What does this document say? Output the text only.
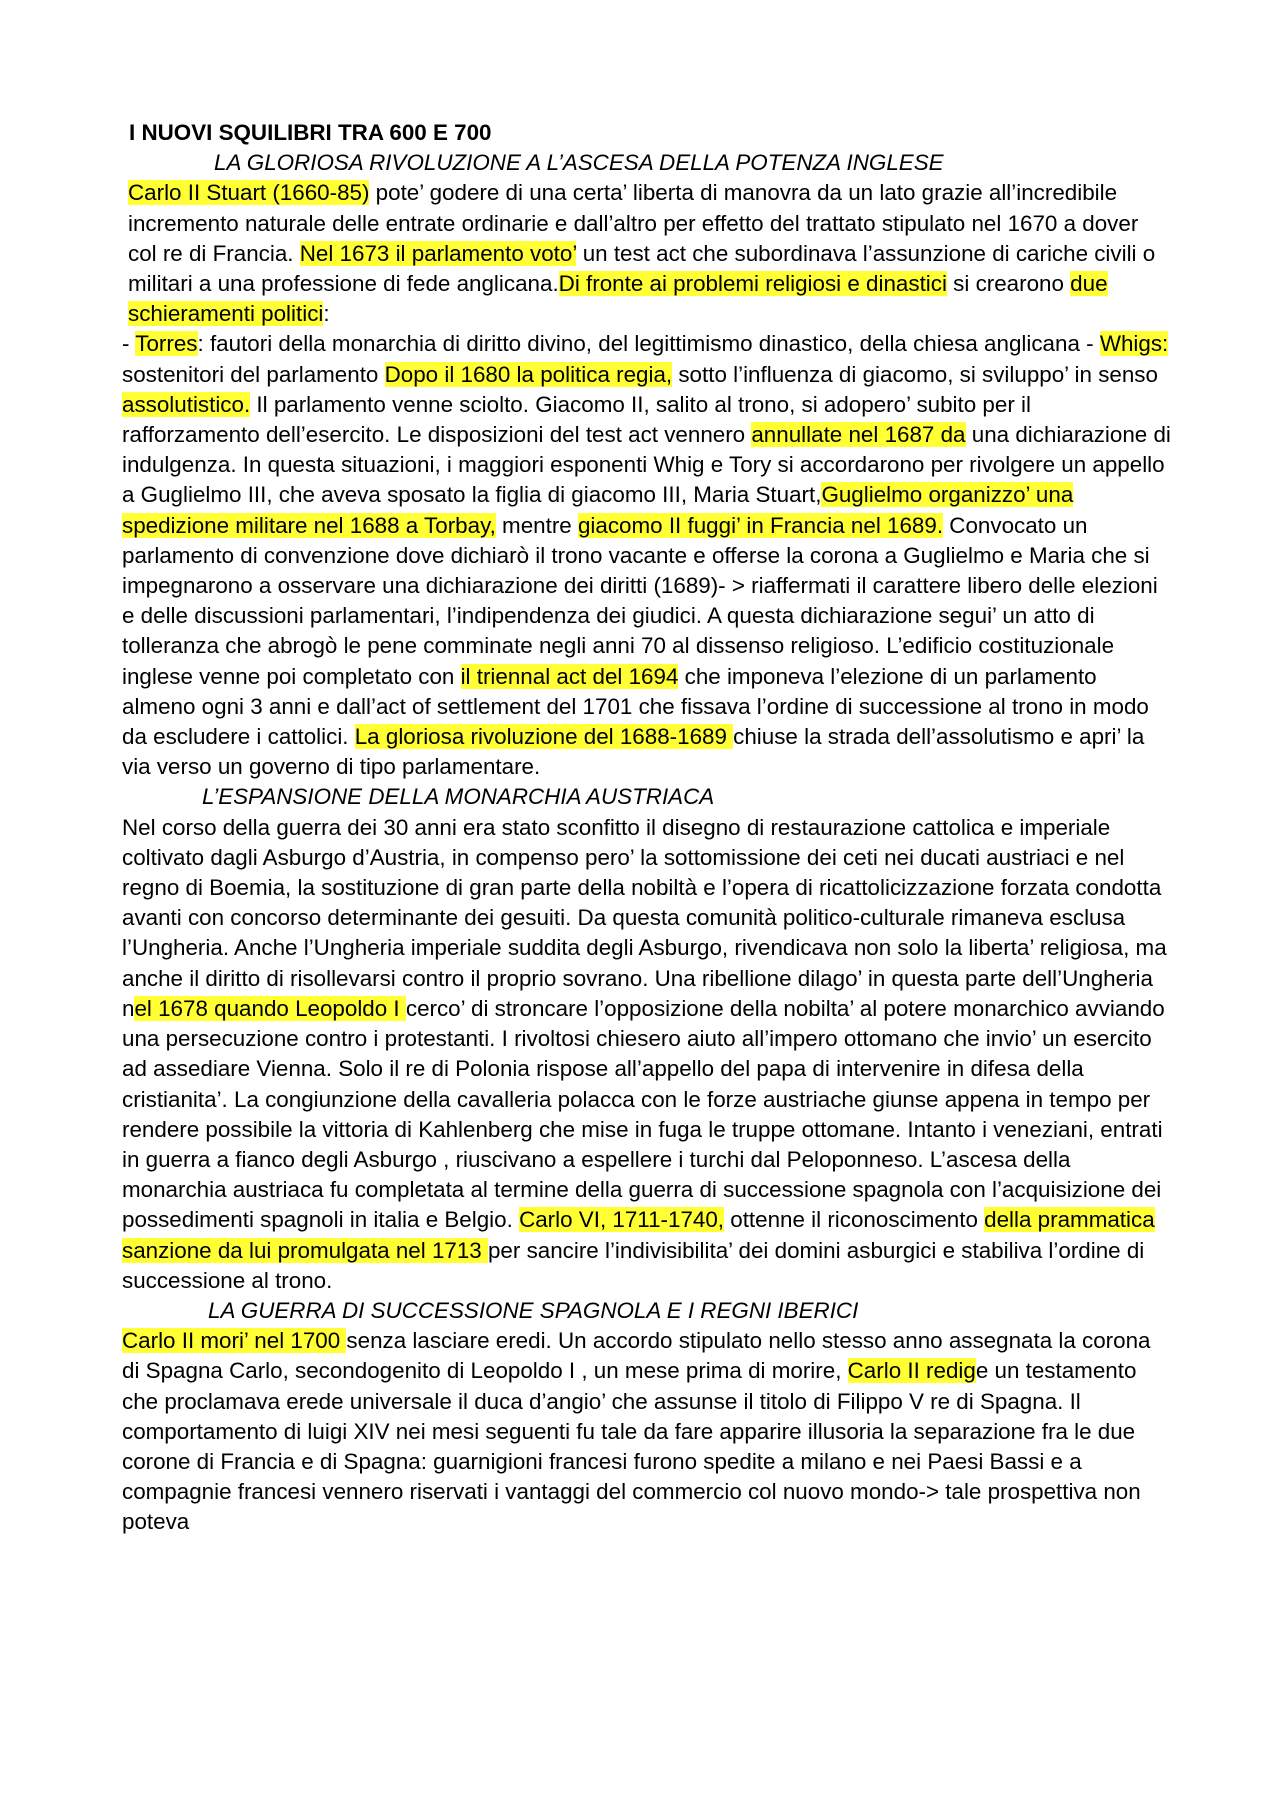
I NUOVI SQUILIBRI TRA 600 E 700

LA GLORIOSA RIVOLUZIONE A L’ASCESA DELLA POTENZA INGLESE

Carlo II Stuart (1660-85) pote’ godere di una certa’ liberta di manovra da un lato grazie all’incredibile incremento naturale delle entrate ordinarie e dall’altro per effetto del trattato stipulato nel 1670 a dover col re di Francia. Nel 1673 il parlamento voto’ un test act che subordinava l’assunzione di cariche civili o militari a una professione di fede anglicana.Di fronte ai problemi religiosi e dinastici si crearono due schieramenti politici:

- Torres: fautori della monarchia di diritto divino, del legittimismo dinastico, della chiesa anglicana - Whigs: sostenitori del parlamento Dopo il 1680 la politica regia, sotto l’influenza di giacomo, si sviluppo’ in senso assolutistico. Il parlamento venne sciolto. Giacomo II, salito al trono, si adopero’ subito per il rafforzamento dell’esercito. Le disposizioni del test act vennero annullate nel 1687 da una dichiarazione di indulgenza. In questa situazioni, i maggiori esponenti Whig e Tory si accordarono per rivolgere un appello a Guglielmo III, che aveva sposato la figlia di giacomo III, Maria Stuart,Guglielmo organizzo’ una spedizione militare nel 1688 a Torbay, mentre giacomo II fuggi’ in Francia nel 1689. Convocato un parlamento di convenzione dove dichiarò il trono vacante e offerse la corona a Guglielmo e Maria che si impegnarono a osservare una dichiarazione dei diritti (1689)- > riaffermati il carattere libero delle elezioni e delle discussioni parlamentari, l’indipendenza dei giudici. A questa dichiarazione segui’ un atto di tolleranza che abrogò le pene comminate negli anni 70 al dissenso religioso. L’edificio costituzionale inglese venne poi completato con il triennal act del 1694 che imponeva l’elezione di un parlamento almeno ogni 3 anni e dall’act of settlement del 1701 che fissava l’ordine di successione al trono in modo da escludere i cattolici. La gloriosa rivoluzione del 1688-1689 chiuse la strada dell’assolutismo e apri’ la via verso un governo di tipo parlamentare.

L’ESPANSIONE DELLA MONARCHIA AUSTRIACA

Nel corso della guerra dei 30 anni era stato sconfitto il disegno di restaurazione cattolica e imperiale coltivato dagli Asburgo d’Austria, in compenso pero’ la sottomissione dei ceti nei ducati austriaci e nel regno di Boemia, la sostituzione di gran parte della nobiltà e l’opera di ricattolicizzazione forzata condotta avanti con concorso determinante dei gesuiti. Da questa comunità politico-culturale rimaneva esclusa l’Ungheria. Anche l’Ungheria imperiale suddita degli Asburgo, rivendicava non solo la liberta’ religiosa, ma anche il diritto di risollevarsi contro il proprio sovrano. Una ribellione dilago’ in questa parte dell’Ungheria nel 1678 quando Leopoldo I cerco’ di stroncare l’opposizione della nobilta’ al potere monarchico avviando una persecuzione contro i protestanti. I rivoltosi chiesero aiuto all’impero ottomano che invio’ un esercito ad assediare Vienna. Solo il re di Polonia rispose all’appello del papa di intervenire in difesa della cristianita’. La congiunzione della cavalleria polacca con le forze austriache giunse appena in tempo per rendere possibile la vittoria di Kahlenberg che mise in fuga le truppe ottomane. Intanto i veneziani, entrati in guerra a fianco degli Asburgo , riuscivano a espellere i turchi dal Peloponneso. L’ascesa della monarchia austriaca fu completata al termine della guerra di successione spagnola con l’acquisizione dei possedimenti spagnoli in italia e Belgio. Carlo VI, 1711-1740, ottenne il riconoscimento della prammatica sanzione da lui promulgata nel 1713 per sancire l’indivisibilita’ dei domini asburgici e stabiliva l’ordine di successione al trono.

LA GUERRA DI SUCCESSIONE SPAGNOLA E I REGNI IBERICI

Carlo II mori’ nel 1700 senza lasciare eredi. Un accordo stipulato nello stesso anno assegnata la corona di Spagna Carlo, secondogenito di Leopoldo I , un mese prima di morire, Carlo II redige un testamento che proclamava erede universale il duca d’angio’ che assunse il titolo di Filippo V re di Spagna. Il comportamento di luigi XIV nei mesi seguenti fu tale da fare apparire illusoria la separazione fra le due corone di Francia e di Spagna: guarnigioni francesi furono spedite a milano e nei Paesi Bassi e a compagnie francesi vennero riservati i vantaggi del commercio col nuovo mondo-> tale prospettiva non poteva
